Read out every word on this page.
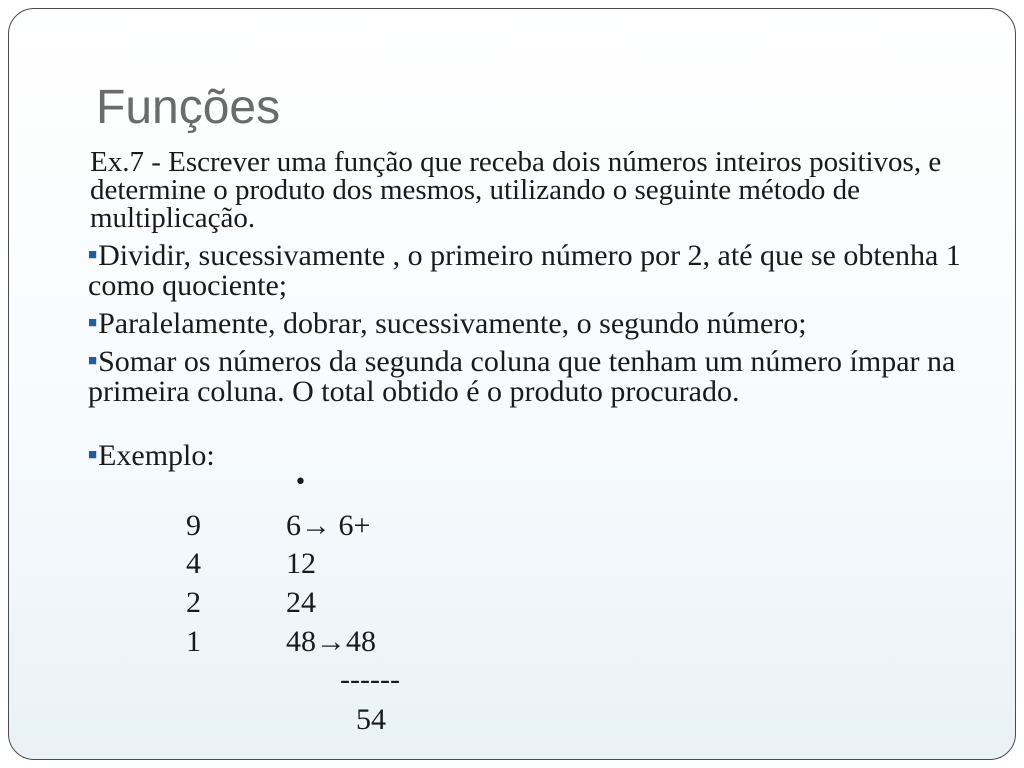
Funções

Ex.7 - Escrever uma função que receba dois números inteiros positivos, e determine o produto dos mesmos, utilizando o seguinte método de multiplicação.

■Dividir, sucessivamente , o primeiro número por 2, até que se obtenha 1 como quociente;

■Paralelamente, dobrar, sucessivamente, o segundo número;

■Somar os números da segunda coluna que tenham um número ímpar na primeira coluna. O total obtido é o produto procurado.

■Exemplo:

•
9	6→ 6+
4	12
2	24
1	48→48
------
54
